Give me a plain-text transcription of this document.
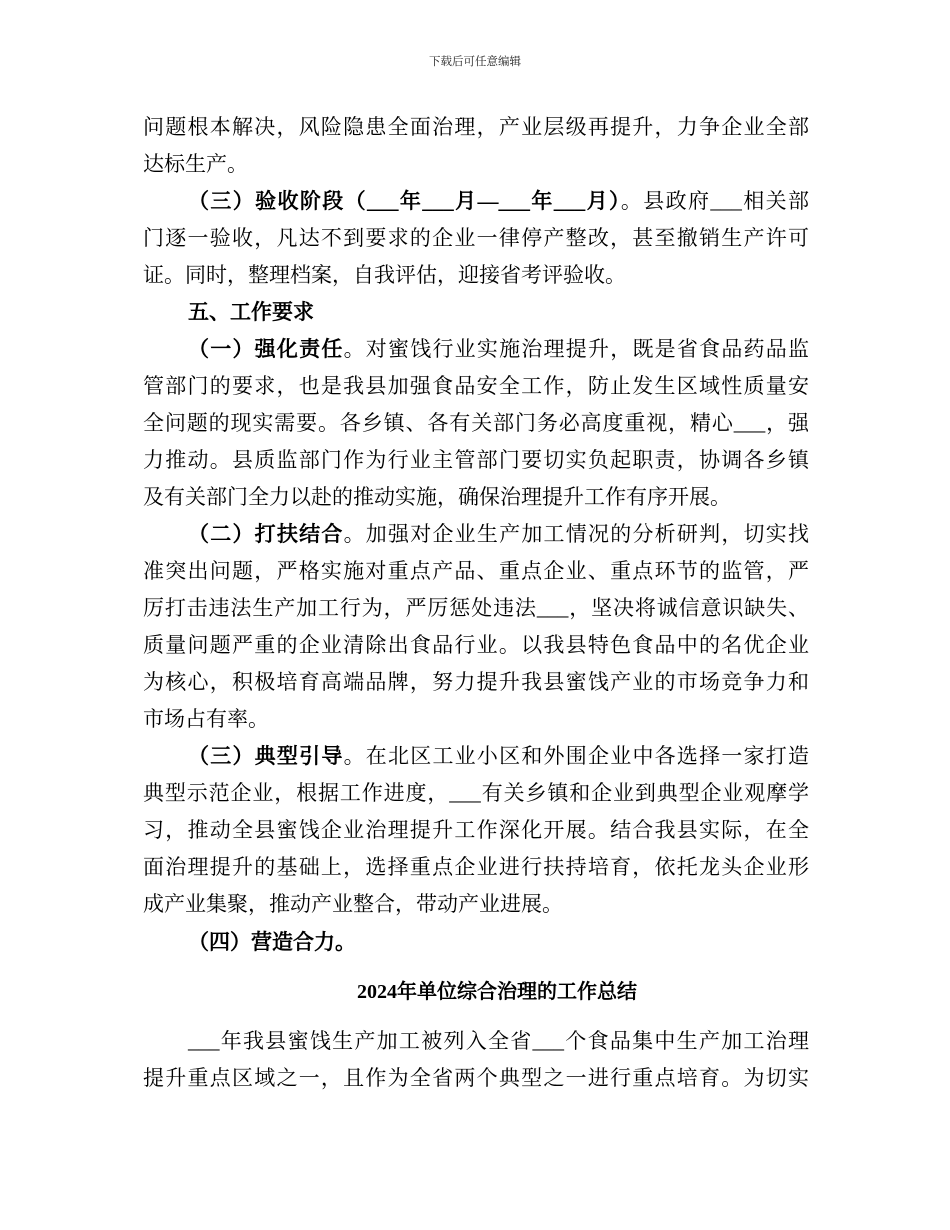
下载后可任意编辑
问题根本解决，风险隐患全面治理，产业层级再提升，力争企业全部
达标生产。
（三）验收阶段（___年___月—___年___月）。县政府___相关部
门逐一验收，凡达不到要求的企业一律停产整改，甚至撤销生产许可
证。同时，整理档案，自我评估，迎接省考评验收。
五、工作要求
（一）强化责任。对蜜饯行业实施治理提升，既是省食品药品监
管部门的要求，也是我县加强食品安全工作，防止发生区域性质量安
全问题的现实需要。各乡镇、各有关部门务必高度重视，精心___，强
力推动。县质监部门作为行业主管部门要切实负起职责，协调各乡镇
及有关部门全力以赴的推动实施，确保治理提升工作有序开展。
（二）打扶结合。加强对企业生产加工情况的分析研判，切实找
准突出问题，严格实施对重点产品、重点企业、重点环节的监管，严
厉打击违法生产加工行为，严厉惩处违法___，坚决将诚信意识缺失、
质量问题严重的企业清除出食品行业。以我县特色食品中的名优企业
为核心，积极培育高端品牌，努力提升我县蜜饯产业的市场竞争力和
市场占有率。
（三）典型引导。在北区工业小区和外围企业中各选择一家打造
典型示范企业，根据工作进度，___有关乡镇和企业到典型企业观摩学
习，推动全县蜜饯企业治理提升工作深化开展。结合我县实际，在全
面治理提升的基础上，选择重点企业进行扶持培育，依托龙头企业形
成产业集聚，推动产业整合，带动产业进展。
（四）营造合力。
2024年单位综合治理的工作总结
___年我县蜜饯生产加工被列入全省___个食品集中生产加工治理
提升重点区域之一，且作为全省两个典型之一进行重点培育。为切实
